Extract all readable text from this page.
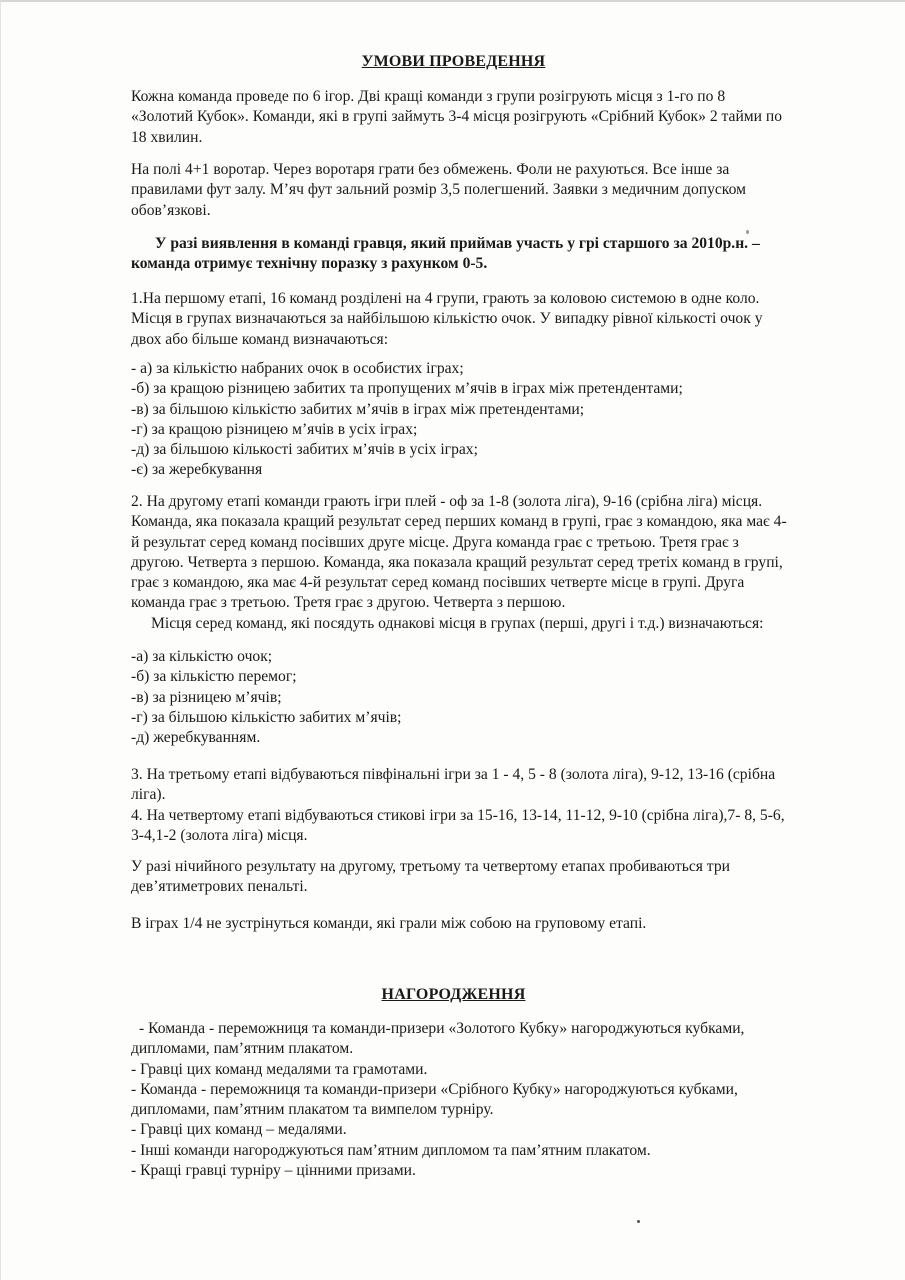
УМОВИ ПРОВЕДЕННЯ
Кожна команда проведе по 6 ігор. Дві кращі команди з групи розігрують місця з 1-го по 8
«Золотий Кубок». Команди, які в групі займуть 3-4 місця розігрують «Срібний Кубок» 2 тайми по
18 хвилин.
На полі 4+1 воротар. Через воротаря грати без обмежень. Фоли не рахуються. Все інше за
правилами фут залу. М’яч фут зальний розмір 3,5 полегшений. Заявки з медичним допуском
обов’язкові.
У разі виявлення в команді гравця, який приймав участь у грі старшого за 2010р.н. –
команда отримує технічну поразку з рахунком 0-5.
1.На першому етапі, 16 команд розділені на 4 групи, грають за коловою системою в одне коло.
Місця в групах визначаються за найбільшою кількістю очок. У випадку рівної кількості очок у
двох або більше команд визначаються:
- а) за кількістю набраних очок в особистих іграх;
-б) за кращою різницею забитих та пропущених м’ячів в іграх між претендентами;
-в) за більшою кількістю забитих м’ячів в іграх між претендентами;
-г) за кращою різницею м’ячів в усіх іграх;
-д) за більшою кількості забитих м’ячів в усіх іграх;
-є) за жеребкування
2. На другому етапі команди грають ігри плей - оф за 1-8 (золота ліга), 9-16 (срібна ліга) місця.
Команда, яка показала кращий результат серед перших команд в групі, грає з командою, яка має 4-
й результат серед команд посівших друге місце. Друга команда грає с третьою. Третя грає з
другою. Четверта з першою. Команда, яка показала кращий результат серед третіх команд в групі,
грає з командою, яка має 4-й результат серед команд посівших четверте місце в групі. Друга
команда грає з третьою. Третя грає з другою. Четверта з першою.
Місця серед команд, які посядуть однакові місця в групах (перші, другі і т.д.) визначаються:
-а) за кількістю очок;
-б) за кількістю перемог;
-в) за різницею м’ячів;
-г) за більшою кількістю забитих м’ячів;
-д) жеребкуванням.
3. На третьому етапі відбуваються півфінальні ігри за 1 - 4, 5 - 8 (золота ліга), 9-12, 13-16 (срібна
ліга).
4. На четвертому етапі відбуваються стикові ігри за 15-16, 13-14, 11-12, 9-10 (срібна ліга),7- 8, 5-6,
3-4,1-2 (золота ліга) місця.
У разі нічийного результату на другому, третьому та четвертому етапах пробиваються три
дев’ятиметрових пенальті.
В іграх 1/4 не зустрінуться команди, які грали між собою на груповому етапі.
НАГОРОДЖЕННЯ
- Команда - переможниця та команди-призери «Золотого Кубку» нагороджуються кубками,
дипломами, пам’ятним плакатом.
- Гравці цих команд медалями та грамотами.
- Команда - переможниця та команди-призери «Срібного Кубку» нагороджуються кубками,
дипломами, пам’ятним плакатом та вимпелом турніру.
- Гравці цих команд – медалями.
- Інші команди нагороджуються пам’ятним дипломом та пам’ятним плакатом.
- Кращі гравці турніру – цінними призами.
